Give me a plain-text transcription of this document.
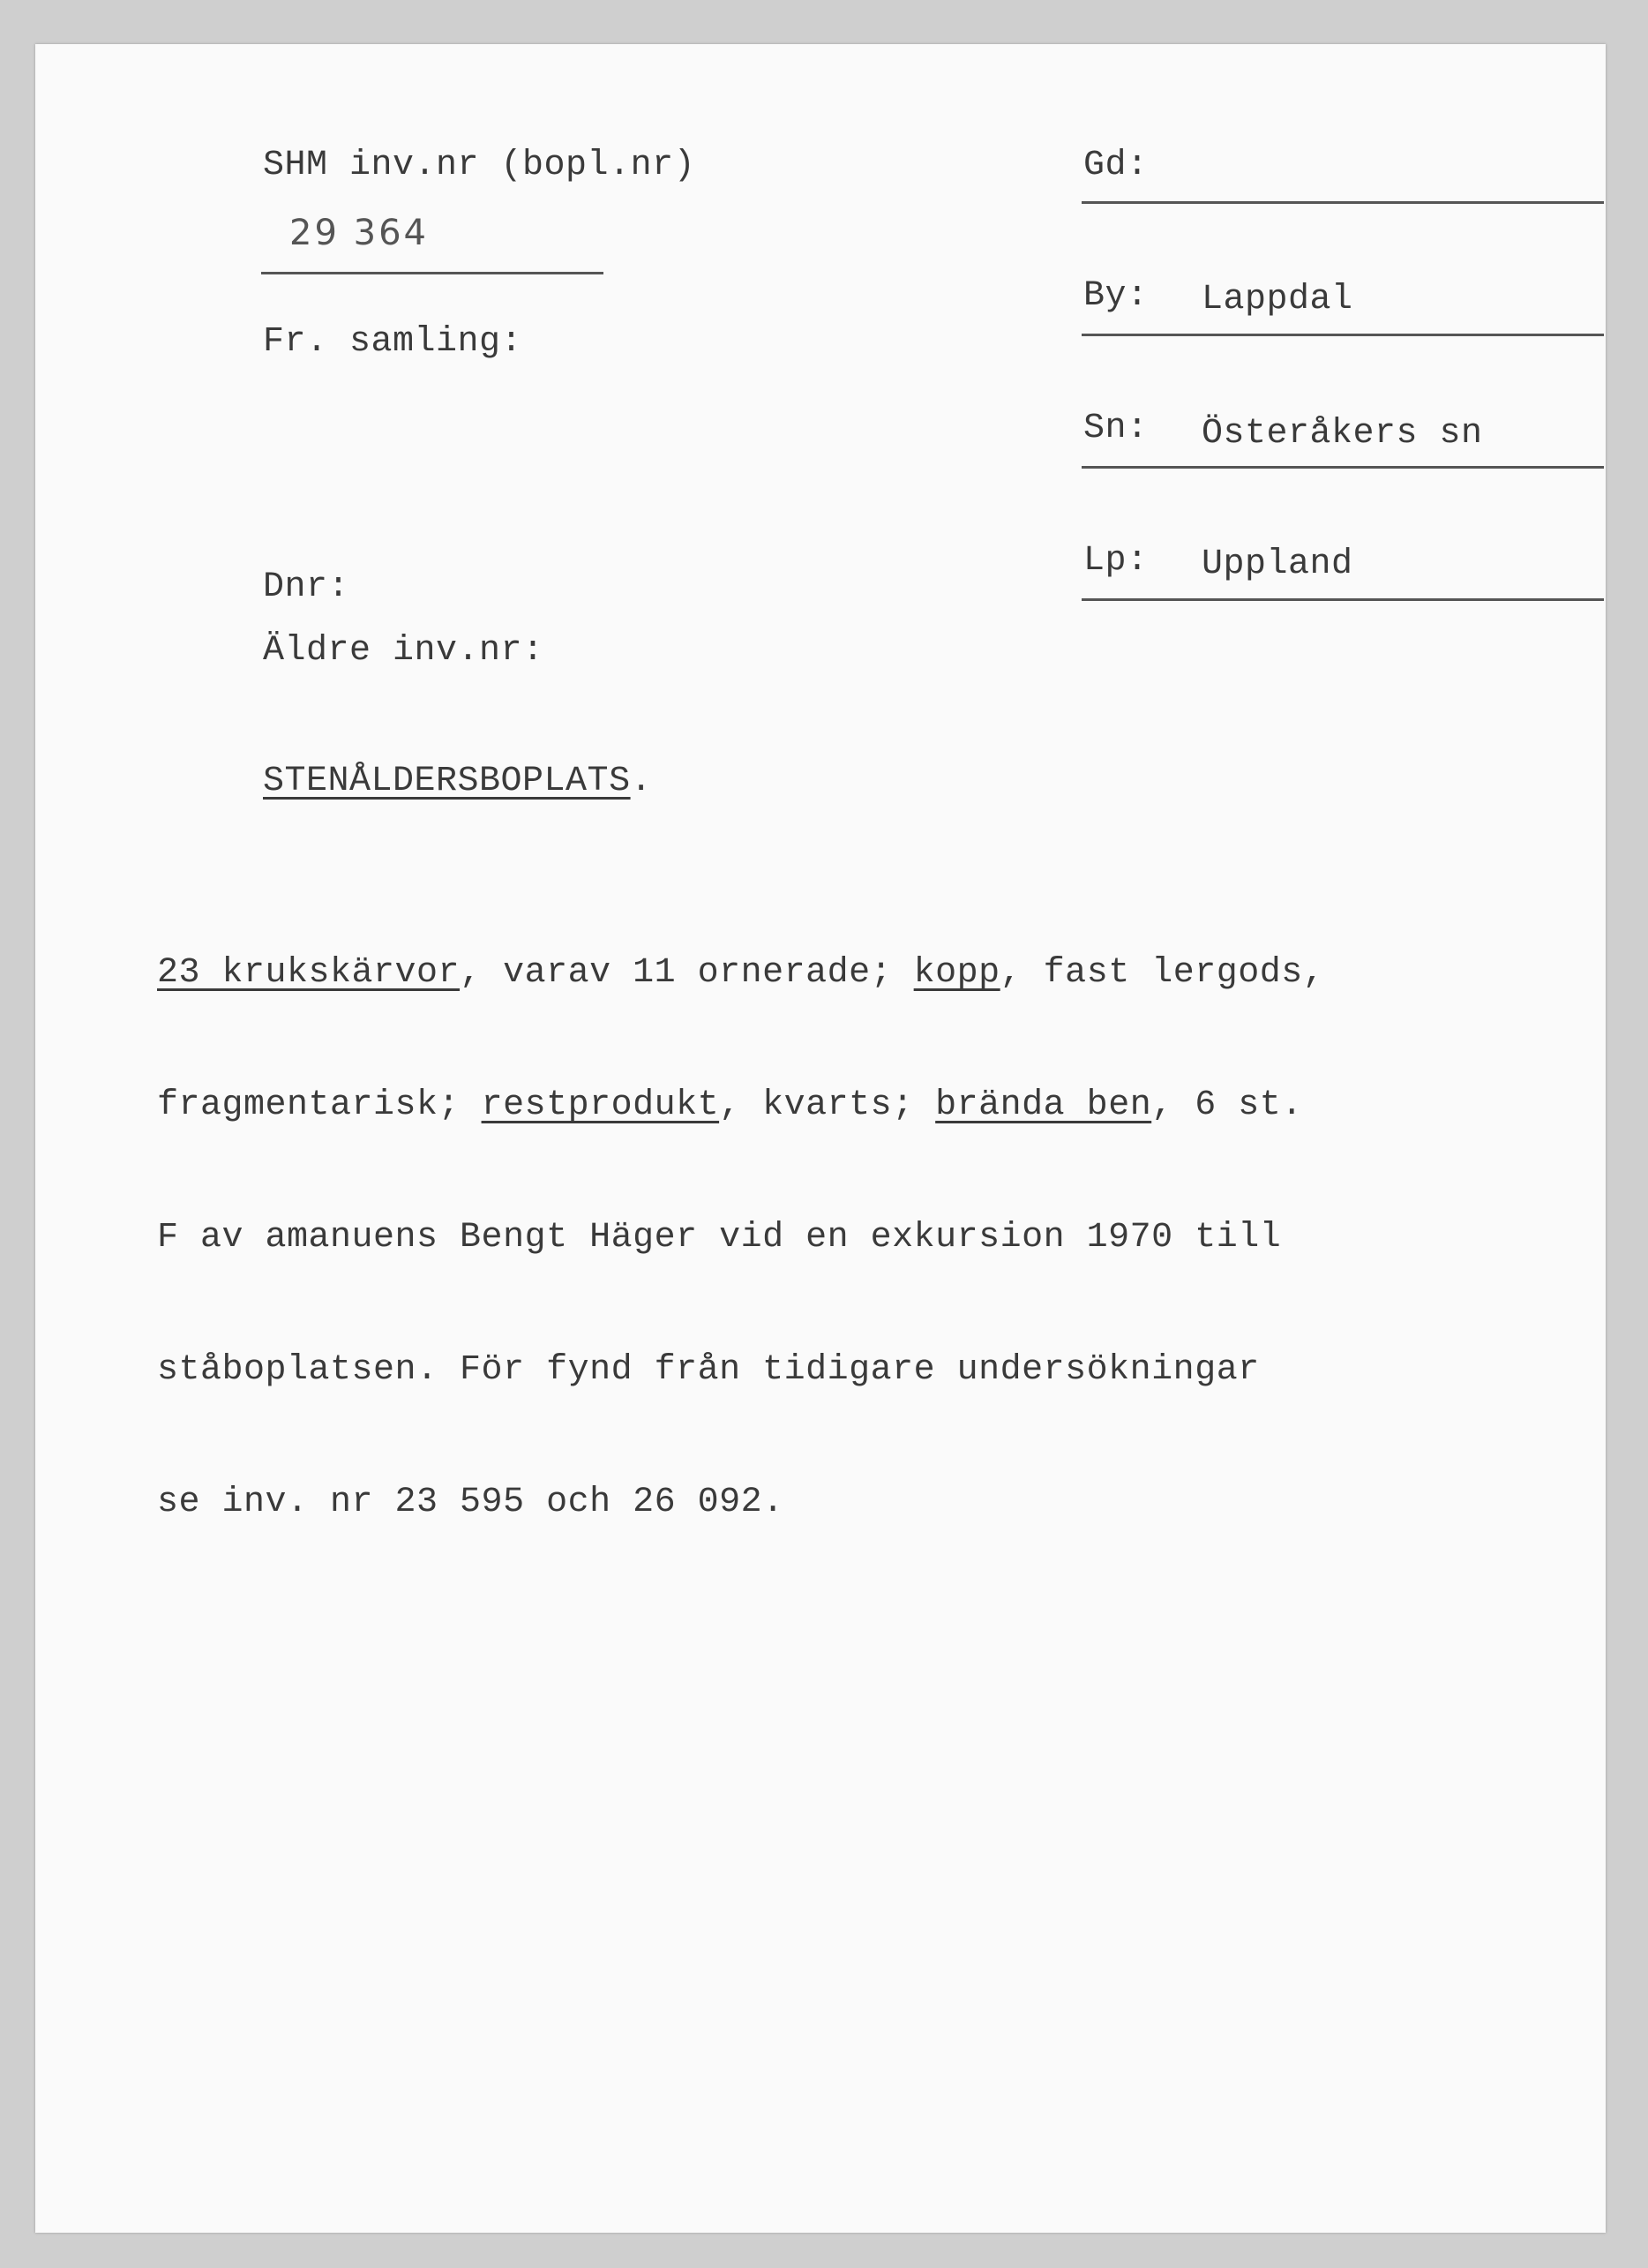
SHM inv.nr (bopl.nr)
29 364
Fr. samling:
Dnr:
Äldre inv.nr:
Gd:
By: Lappdal
Sn: Österåkers sn
Lp: Uppland
STENÅLDERSBOPLATS.

23 krukskärvor, varav 11 ornerade; kopp, fast lergods,

fragmentarisk; restprodukt, kvarts; brända ben, 6 st.

F av amanuens Bengt Häger vid en exkursion 1970 till

ståboplatsen. För fynd från tidigare undersökningar

se inv. nr 23 595 och 26 092.
